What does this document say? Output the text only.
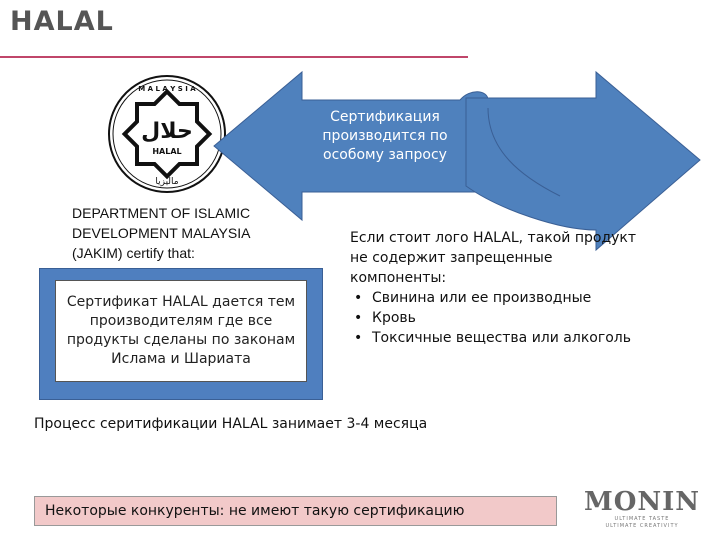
HALAL
M A L A Y S I A
حلال
HALAL
ماليزيا
DEPARTMENT OF ISLAMIC
DEVELOPMENT MALAYSIA
(JAKIM) certify that:
Сертификат HALAL дается тем производителям где все продукты сделаны по законам Ислама и Шариата
Сертификация
производится по
особому запросу
Если стоит лого HALAL, такой продукт
не содержит запрещенные
компоненты:
• Свинина или ее производные
• Кровь
• Токсичные вещества или алкоголь
Процесс серитификации HALAL занимает 3-4 месяца
Некоторые конкуренты: не имеют такую сертификацию	MONIN
ULTIMATE TASTE
ULTIMATE CREATIVITY
